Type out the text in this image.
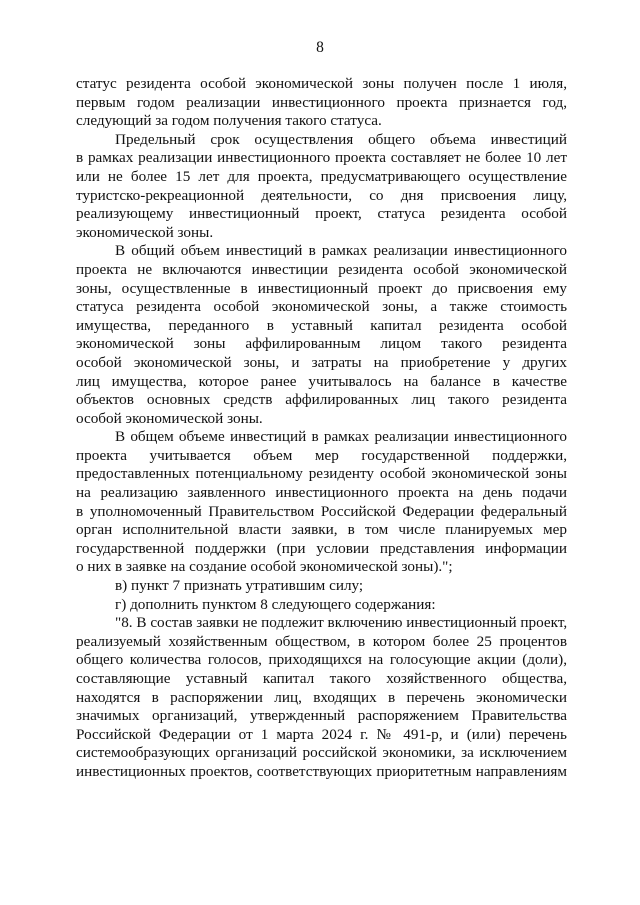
8
статус резидента особой экономической зоны получен после 1 июля,
первым годом реализации инвестиционного проекта признается год,
следующий за годом получения такого статуса.
Предельный срок осуществления общего объема инвестиций
в рамках реализации инвестиционного проекта составляет не более 10 лет
или не более 15 лет для проекта, предусматривающего осуществление
туристско-рекреационной деятельности, со дня присвоения лицу,
реализующему инвестиционный проект, статуса резидента особой
экономической зоны.
В общий объем инвестиций в рамках реализации инвестиционного
проекта не включаются инвестиции резидента особой экономической
зоны, осуществленные в инвестиционный проект до присвоения ему
статуса резидента особой экономической зоны, а также стоимость
имущества, переданного в уставный капитал резидента особой
экономической зоны аффилированным лицом такого резидента
особой экономической зоны, и затраты на приобретение у других
лиц имущества, которое ранее учитывалось на балансе в качестве
объектов основных средств аффилированных лиц такого резидента
особой экономической зоны.
В общем объеме инвестиций в рамках реализации инвестиционного
проекта учитывается объем мер государственной поддержки,
предоставленных потенциальному резиденту особой экономической зоны
на реализацию заявленного инвестиционного проекта на день подачи
в уполномоченный Правительством Российской Федерации федеральный
орган исполнительной власти заявки, в том числе планируемых мер
государственной поддержки (при условии представления информации
о них в заявке на создание особой экономической зоны).";
в) пункт 7 признать утратившим силу;
г) дополнить пунктом 8 следующего содержания:
"8. В состав заявки не подлежит включению инвестиционный проект,
реализуемый хозяйственным обществом, в котором более 25 процентов
общего количества голосов, приходящихся на голосующие акции (доли),
составляющие уставный капитал такого хозяйственного общества,
находятся в распоряжении лиц, входящих в перечень экономически
значимых организаций, утвержденный распоряжением Правительства
Российской Федерации от 1 марта 2024 г. № 491-р, и (или) перечень
системообразующих организаций российской экономики, за исключением
инвестиционных проектов, соответствующих приоритетным направлениям
